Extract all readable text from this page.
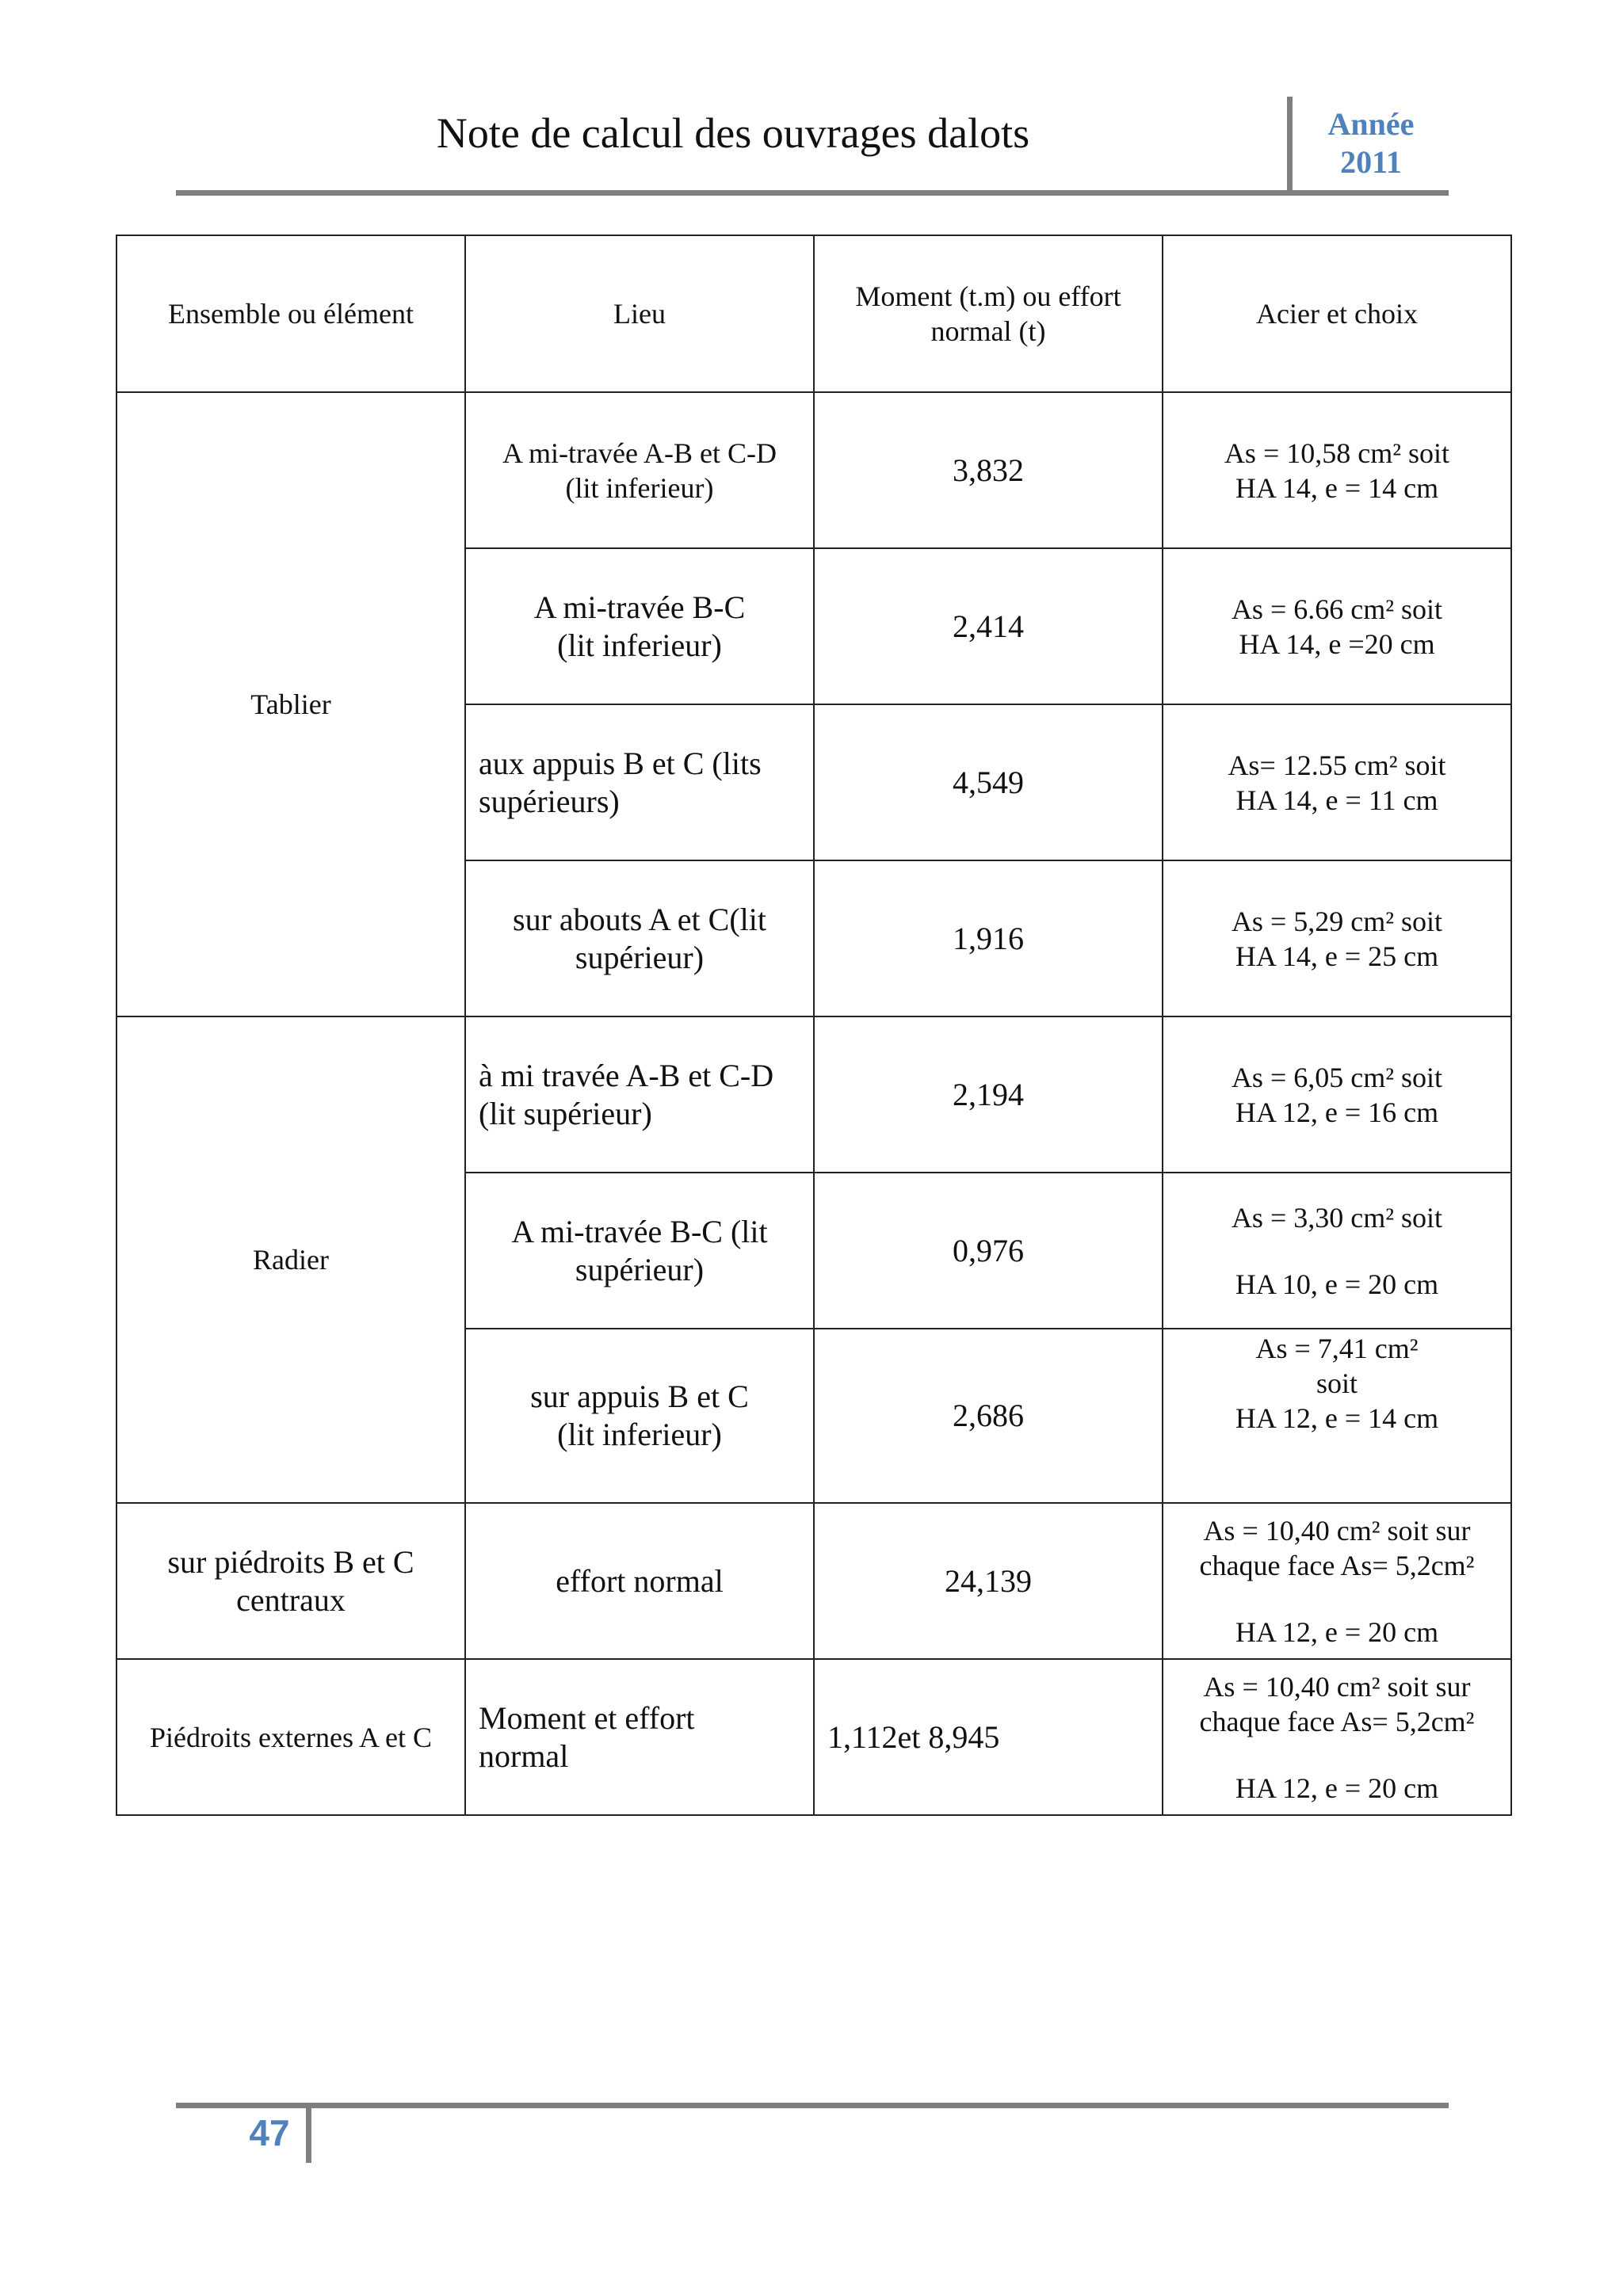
Note de calcul des ouvrages dalots	Année
2011
Ensemble ou élément	Lieu	Moment (t.m) ou effort normal (t)	Acier et choix
Tablier	A mi-travée A-B et C-D
(lit inferieur)	3,832	As = 10,58 cm² soit
HA 14, e = 14 cm
	A mi-travée B-C
(lit inferieur)	2,414	As = 6.66 cm² soit
HA 14, e =20 cm
	aux appuis B et C (lits
supérieurs)	4,549	As= 12.55 cm² soit
HA 14, e = 11 cm
	sur abouts A et C(lit
supérieur)	1,916	As = 5,29 cm² soit
HA 14, e = 25 cm
Radier	à mi travée A-B et C-D
(lit supérieur)	2,194	As = 6,05 cm² soit
HA 12, e = 16 cm
	A mi-travée B-C (lit
supérieur)	0,976	As = 3,30 cm² soit
HA 10, e = 20 cm

	sur appuis B et C
(lit inferieur)	2,686	As = 7,41 cm²
soit
HA 12, e = 14 cm
sur piédroits B et C
centraux	effort normal	24,139	As = 10,40 cm² soit sur
chaque face As= 5,2cm²
HA 12, e = 20 cm

Piédroits externes A et C	Moment et effort
normal	1,112et 8,945	As = 10,40 cm² soit sur
chaque face As= 5,2cm²
HA 12, e = 20 cm
47
